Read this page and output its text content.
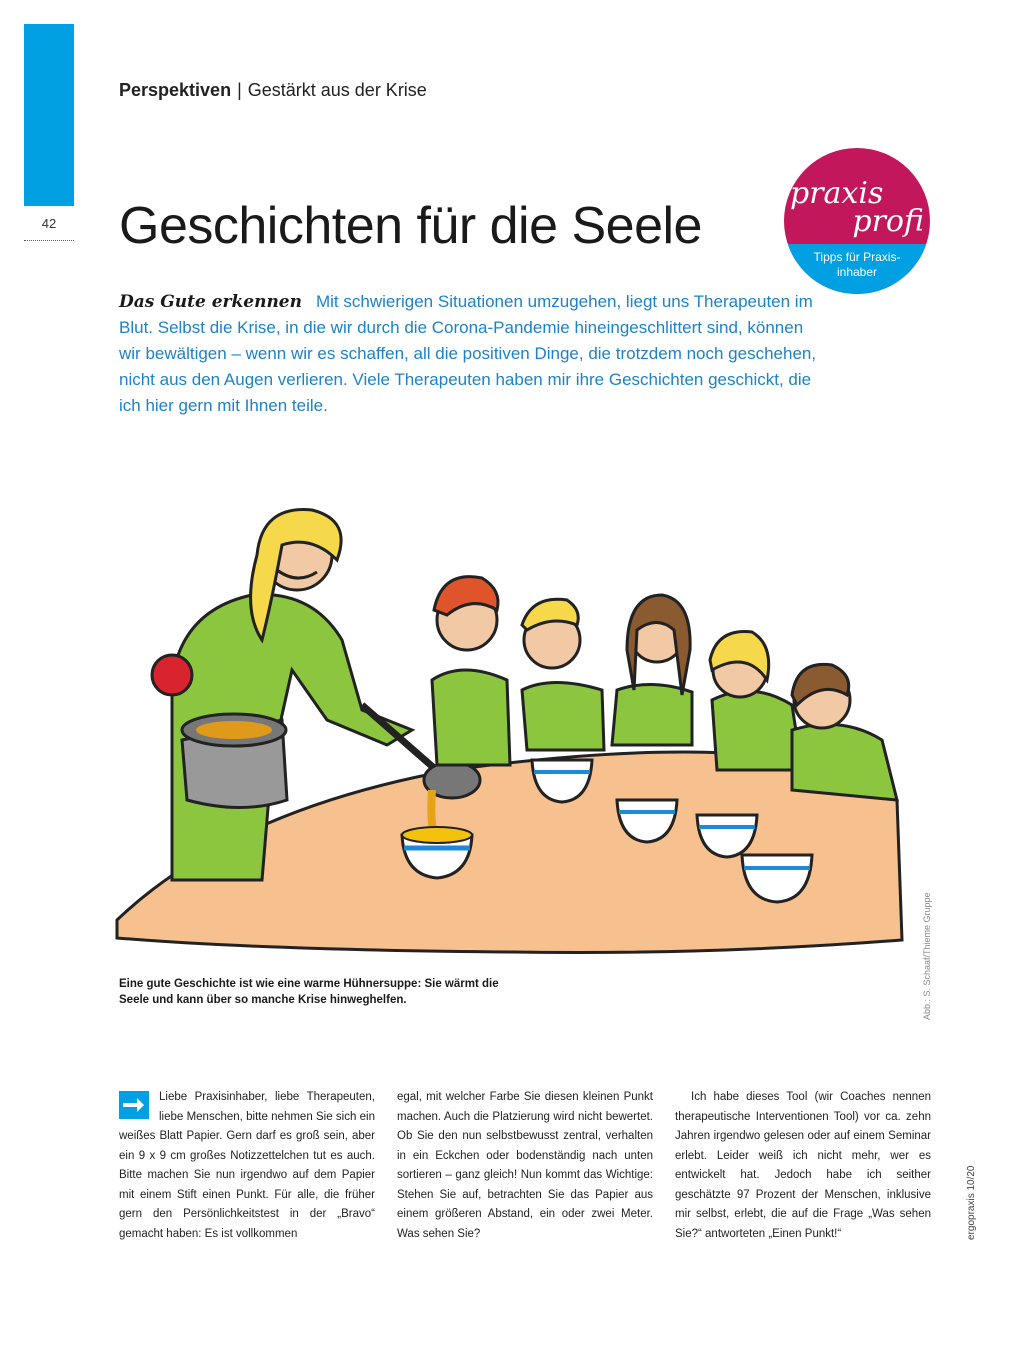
42
Perspektiven | Gestärkt aus der Krise
Geschichten für die Seele
praxis
profi
Tipps für Praxis-inhaber
Das Gute erkennen Mit schwierigen Situationen umzugehen, liegt uns Therapeuten im Blut. Selbst die Krise, in die wir durch die Corona-Pandemie hineingeschlittert sind, können wir bewältigen – wenn wir es schaffen, all die positiven Dinge, die trotzdem noch geschehen, nicht aus den Augen verlieren. Viele Therapeuten haben mir ihre Geschichten geschickt, die ich hier gern mit Ihnen teile.
Abb.: S. Schaaf/Thieme Gruppe
Eine gute Geschichte ist wie eine warme Hühnersuppe: Sie wärmt die Seele und kann über so manche Krise hinweghelfen.
Liebe Praxisinhaber, liebe Therapeuten, liebe Menschen, bitte nehmen Sie sich ein weißes Blatt Papier. Gern darf es groß sein, aber ein 9 x 9 cm großes Notizzettelchen tut es auch. Bitte machen Sie nun irgendwo auf dem Papier mit einem Stift einen Punkt. Für alle, die früher gern den Persönlichkeitstest in der „Bravo“ gemacht haben: Es ist vollkommen
egal, mit welcher Farbe Sie diesen kleinen Punkt machen. Auch die Platzierung wird nicht bewertet. Ob Sie den nun selbstbewusst zentral, verhalten in ein Eckchen oder bodenständig nach unten sortieren – ganz gleich! Nun kommt das Wichtige: Stehen Sie auf, betrachten Sie das Papier aus einem größeren Abstand, ein oder zwei Meter. Was sehen Sie?
Ich habe dieses Tool (wir Coaches nennen therapeutische Interventionen Tool) vor ca. zehn Jahren irgendwo gelesen oder auf einem Seminar erlebt. Leider weiß ich nicht mehr, wer es entwickelt hat. Jedoch habe ich seither geschätzte 97 Prozent der Menschen, inklusive mir selbst, erlebt, die auf die Frage „Was sehen Sie?“ antworteten „Einen Punkt!“	ergopraxis 10/20
